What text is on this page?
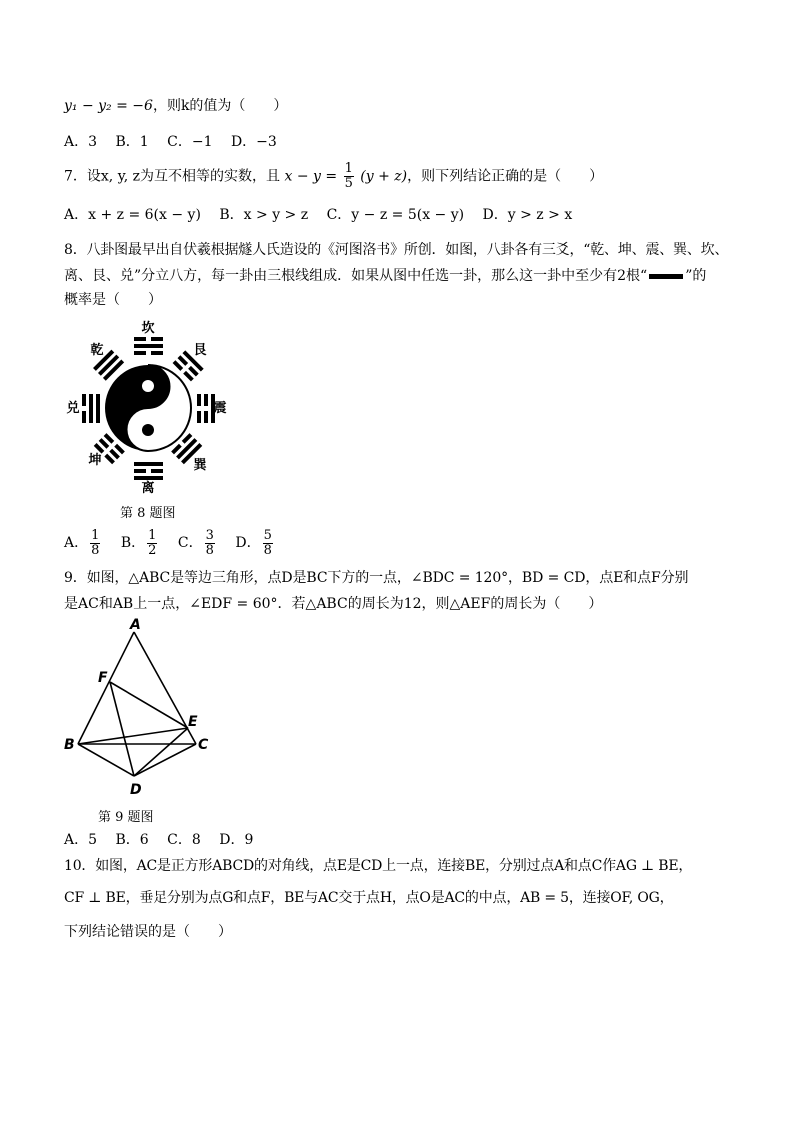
y₁ − y₂ = −6，则k的值为（　　）
A．3 B．1 C．−1 D．−3
7．设x, y, z为互不相等的实数，且 $x - y = \frac{1}{5} (y + z)$，则下列结论正确的是（　　）
A．x + z = 6(x − y) B．x > y > z C．y − z = 5(x − y) D．y > z > x
8．八卦图最早出自伏羲根据燧人氏造设的《河图洛书》所创．如图，八卦各有三爻，“乾、坤、震、巽、坎、
离、艮、兑”分立八方，每一卦由三根线组成．如果从图中任选一卦，那么这一卦中至少有2根“	”的
概率是（　　）
坎
艮
震
巽
离
坤
兑
乾
第 8 题图
A． $\frac{1}{8}$ B． $\frac{1}{2}$ C． $\frac{3}{8}$ D． $\frac{5}{8}$
9．如图，△ABC是等边三角形，点D是BC下方的一点，∠BDC = 120°，BD = CD，点E和点F分别
是AC和AB上一点，∠EDF = 60°．若△ABC的周长为12，则△AEF的周长为（　　）
A
B	C
D
E
F
第 9 题图
A．5 B．6 C．8 D．9
10．如图，AC是正方形ABCD的对角线，点E是CD上一点，连接BE，分别过点A和点C作AG ⊥ BE，
CF ⊥ BE，垂足分别为点G和点F，BE与AC交于点H，点O是AC的中点，AB = 5，连接OF, OG，
下列结论错误的是（　　）
